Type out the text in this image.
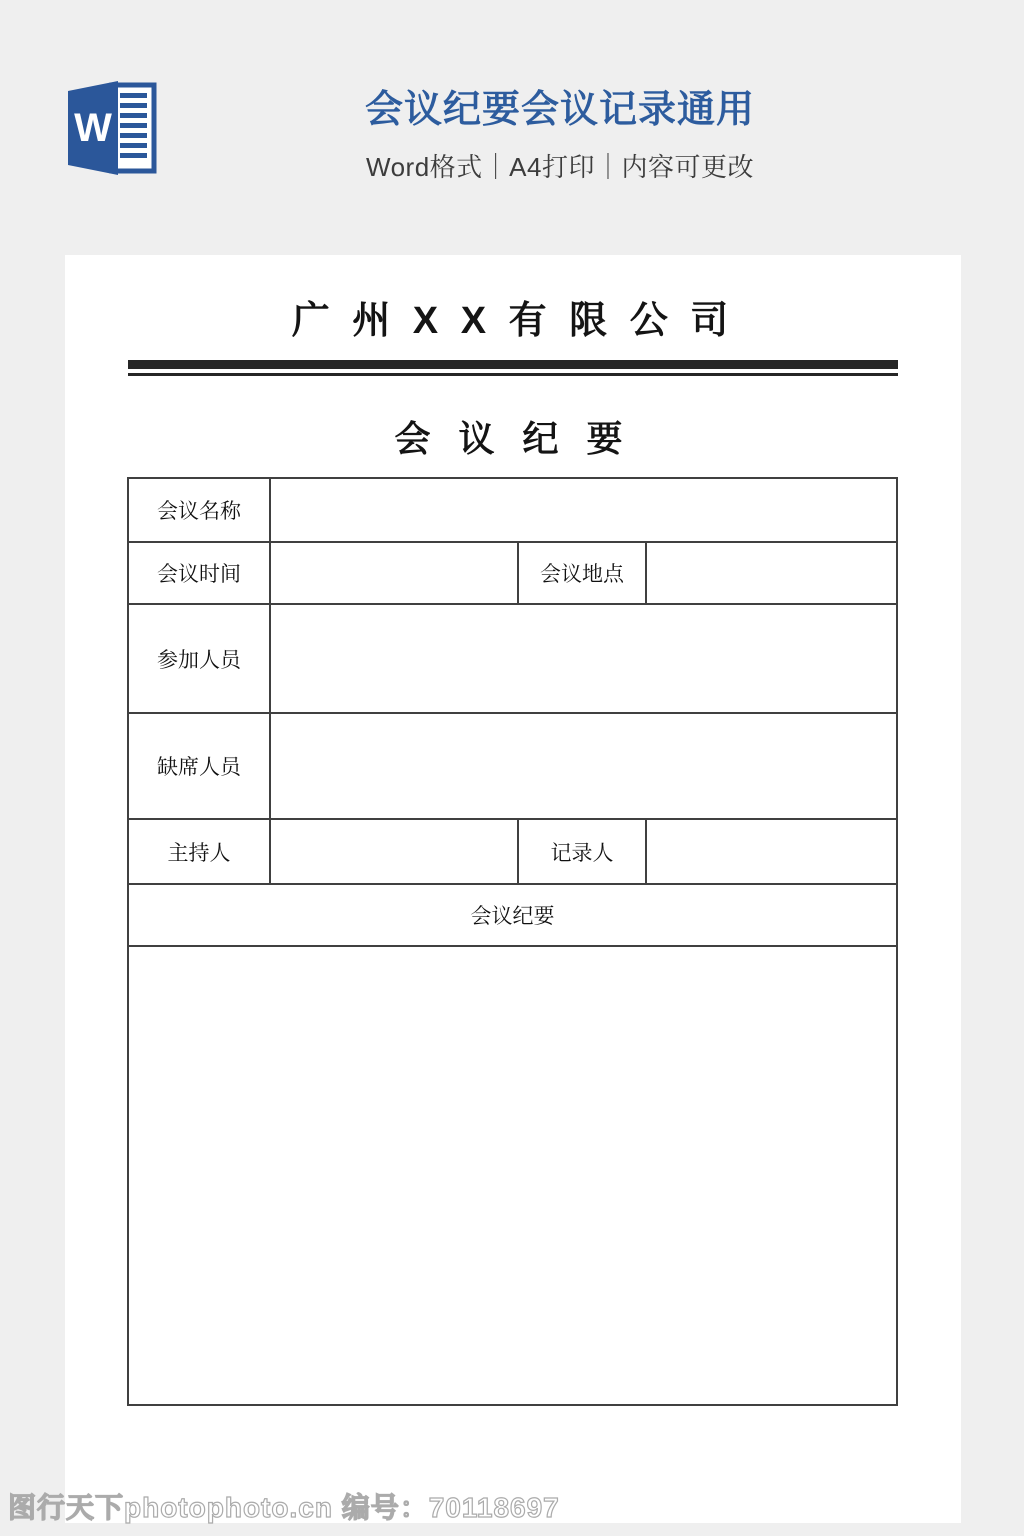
W	会议纪要会议记录通用
Word格式｜A4打印｜内容可更改
广 州 X X 有 限 公 司
会 议 纪 要
会议名称			
会议时间		会议地点	
参加人员			
缺席人员			
主持人		记录人	
会议纪要			

图行天下photophoto.cn 编号：70118697
